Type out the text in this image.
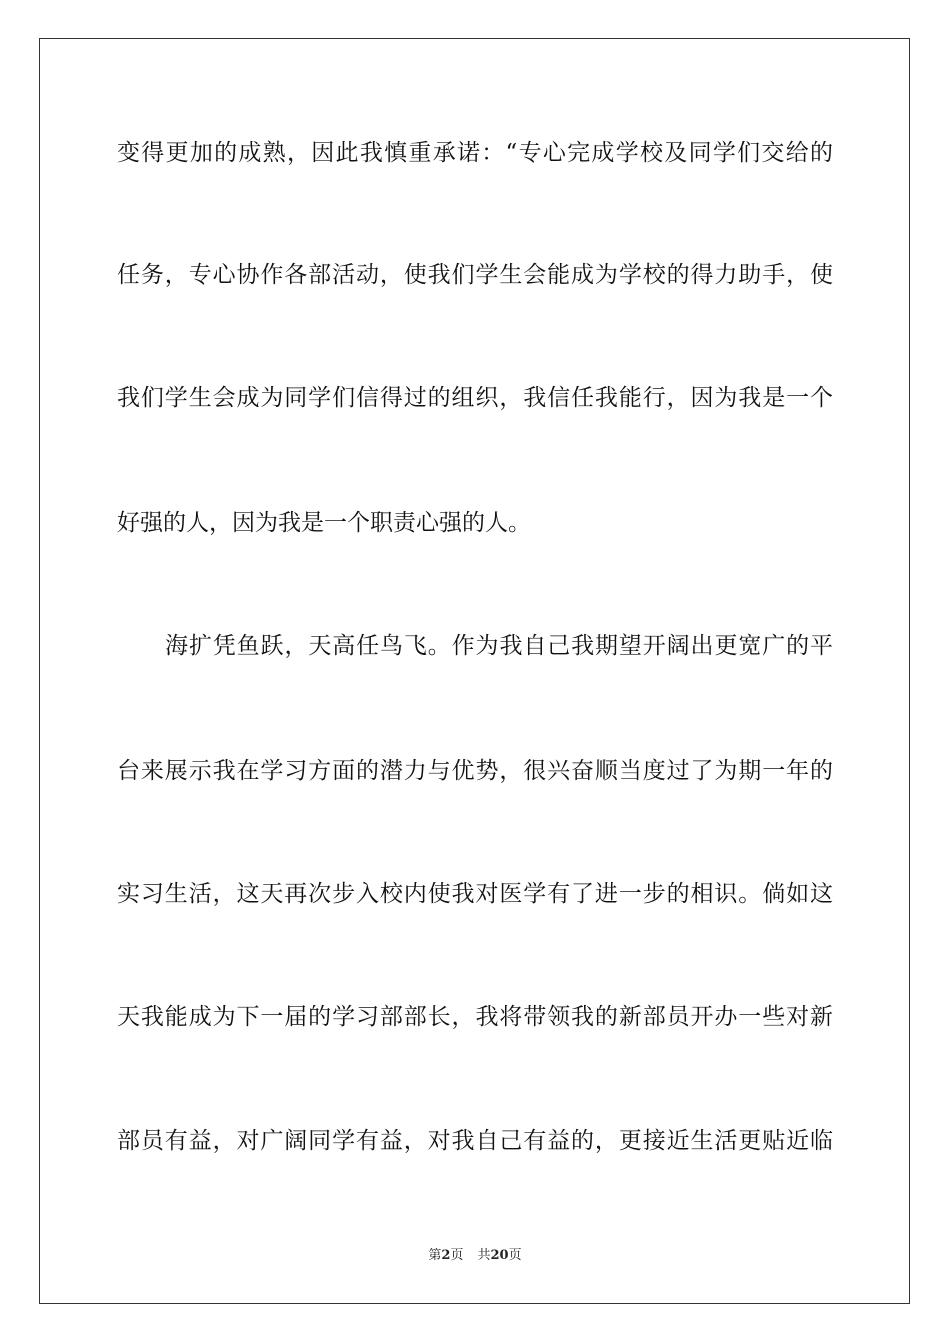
变得更加的成熟，因此我慎重承诺：“专心完成学校及同学们交给的
任务，专心协作各部活动，使我们学生会能成为学校的得力助手，使
我们学生会成为同学们信得过的组织，我信任我能行，因为我是一个
好强的人，因为我是一个职责心强的人。
海扩凭鱼跃，天高任鸟飞。作为我自己我期望开阔出更宽广的平
台来展示我在学习方面的潜力与优势，很兴奋顺当度过了为期一年的
实习生活，这天再次步入校内使我对医学有了进一步的相识。倘如这
天我能成为下一届的学习部部长，我将带领我的新部员开办一些对新
部员有益，对广阔同学有益，对我自己有益的，更接近生活更贴近临
第2页 共20页
